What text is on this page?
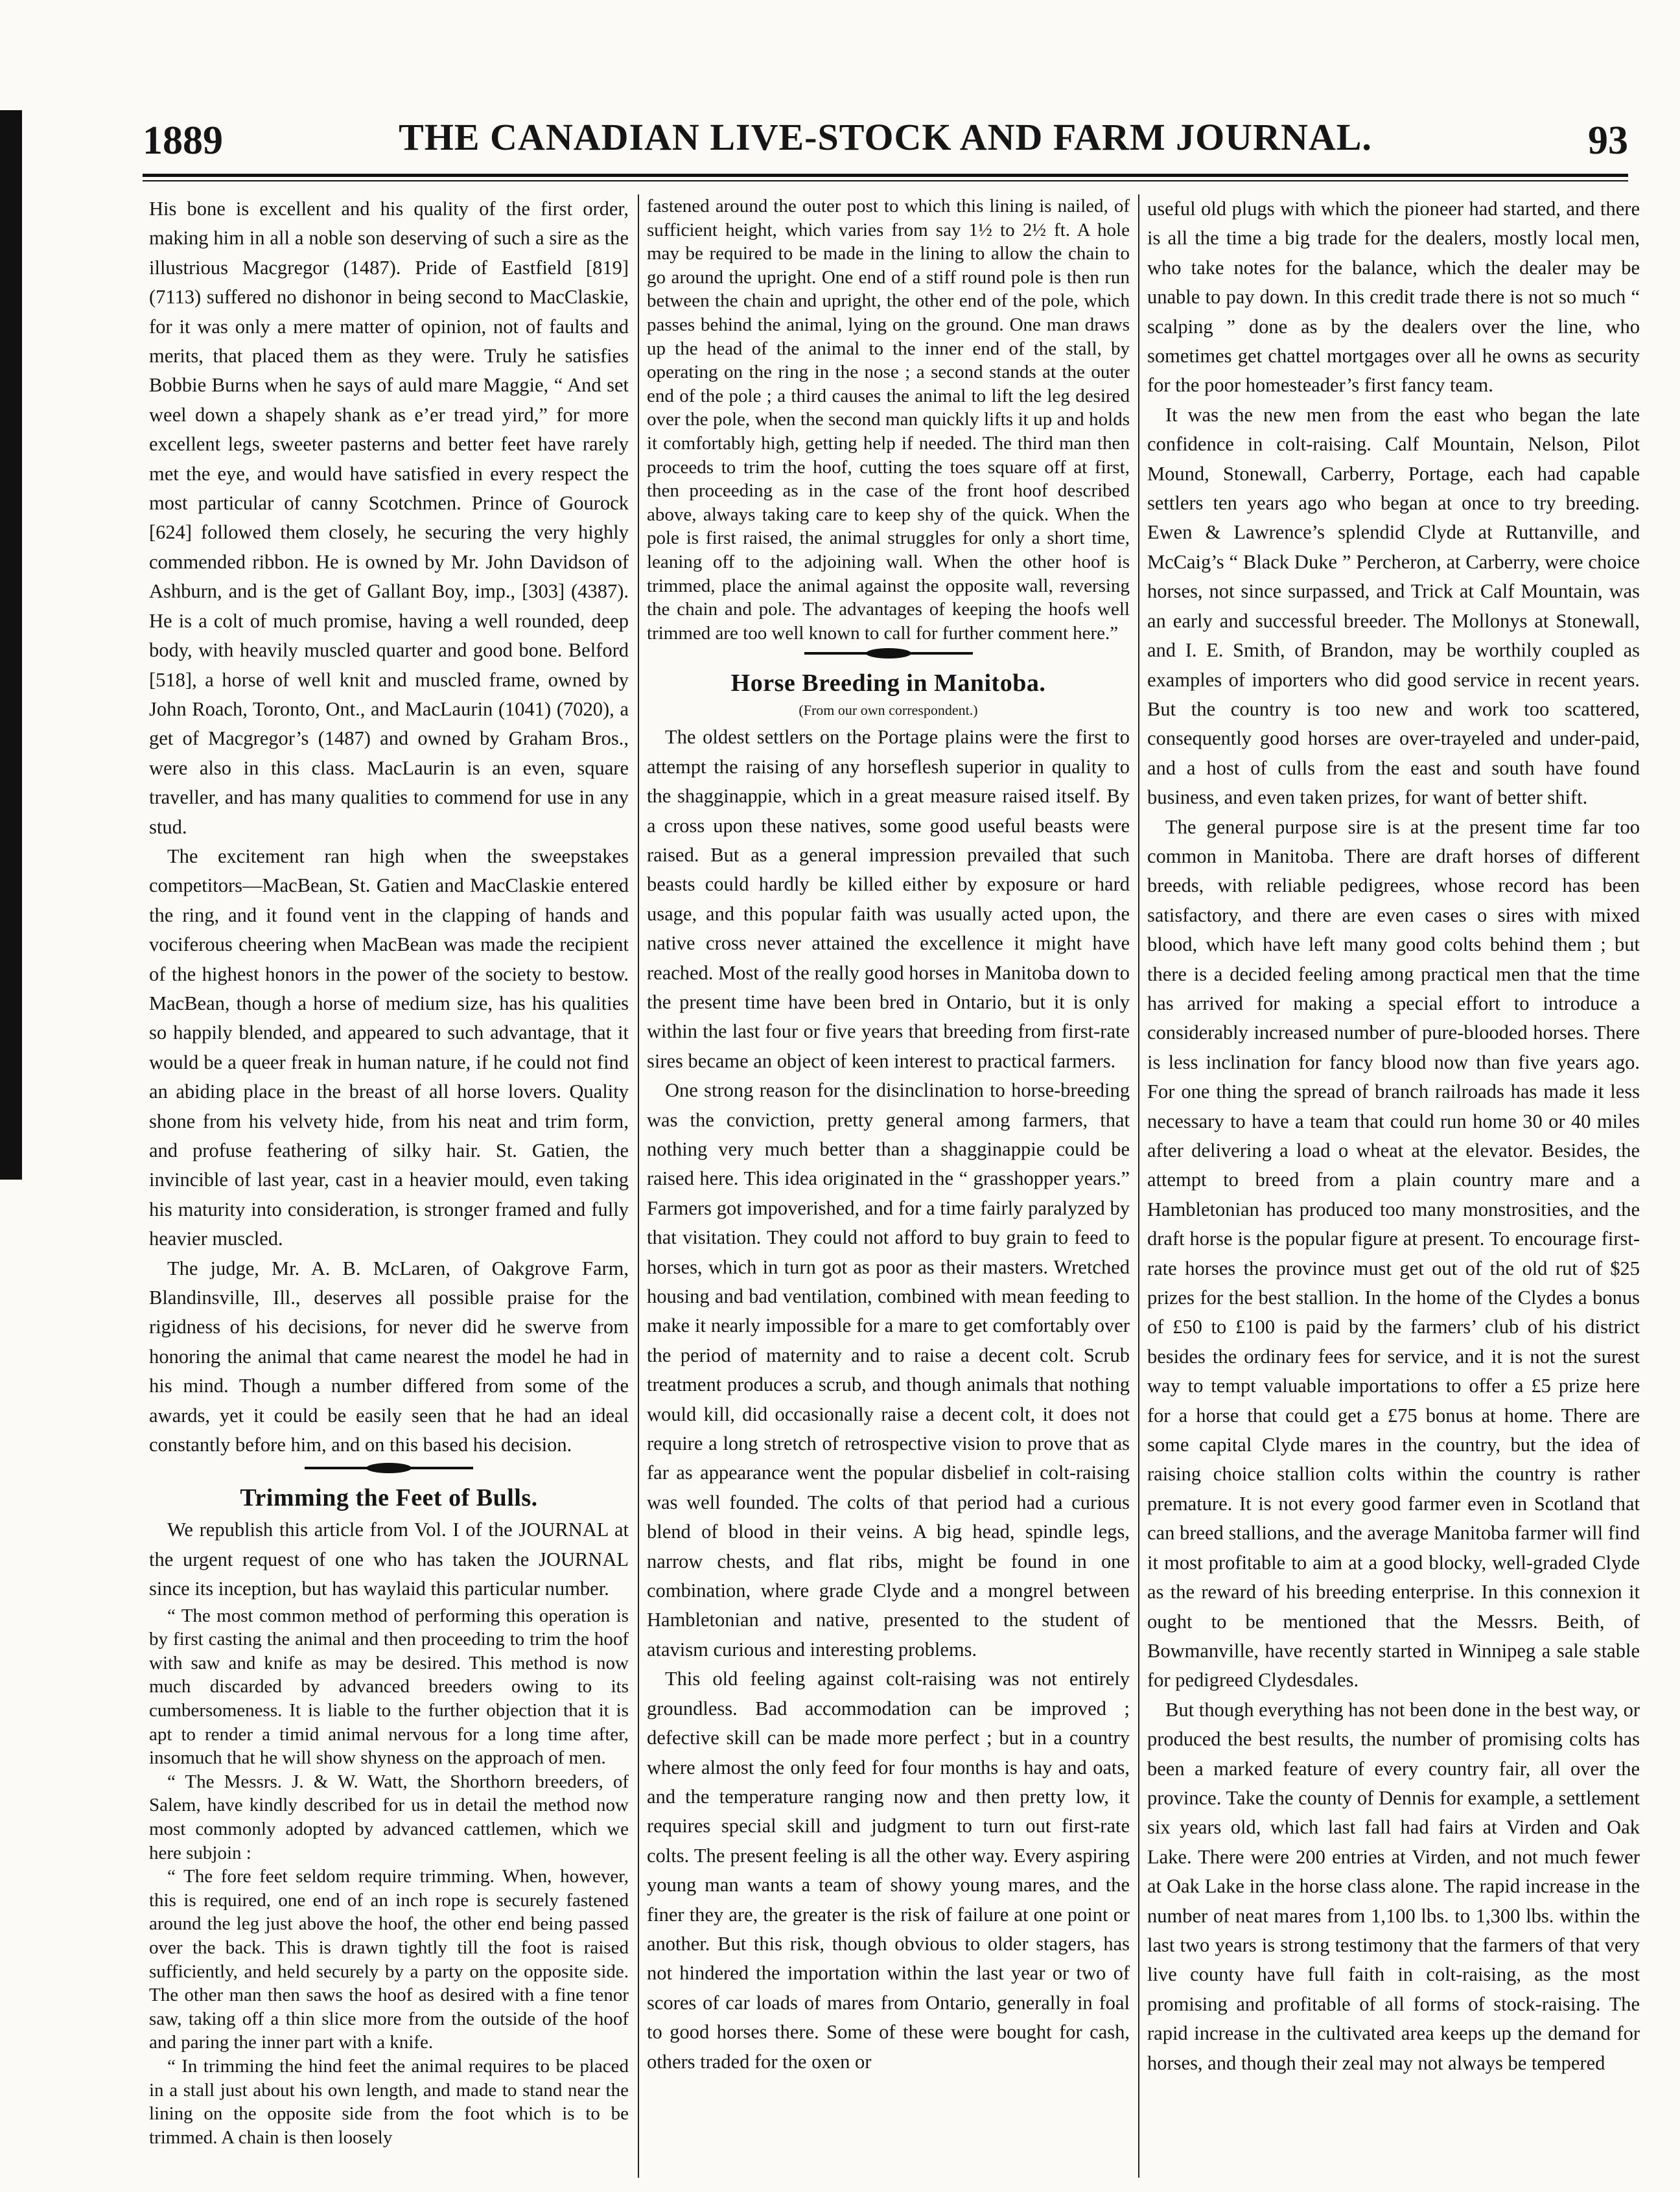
1889	THE CANADIAN LIVE-STOCK AND FARM JOURNAL.	93

His bone is excellent and his quality of the first order, making him in all a noble son deserving of such a sire as the illustrious Macgregor (1487). Pride of Eastfield [819] (7113) suffered no dishonor in being second to MacClaskie, for it was only a mere matter of opinion, not of faults and merits, that placed them as they were. Truly he satisfies Bobbie Burns when he says of auld mare Maggie, “ And set weel down a shapely shank as e’er tread yird,” for more excellent legs, sweeter pasterns and better feet have rarely met the eye, and would have satisfied in every respect the most particular of canny Scotchmen. Prince of Gourock [624] followed them closely, he securing the very highly commended ribbon. He is owned by Mr. John Davidson of Ashburn, and is the get of Gallant Boy, imp., [303] (4387). He is a colt of much promise, having a well rounded, deep body, with heavily muscled quarter and good bone. Belford [518], a horse of well knit and muscled frame, owned by John Roach, Toronto, Ont., and MacLaurin (1041) (7020), a get of Macgregor’s (1487) and owned by Graham Bros., were also in this class. MacLaurin is an even, square traveller, and has many qualities to commend for use in any stud.

The excitement ran high when the sweepstakes competitors—MacBean, St. Gatien and MacClaskie entered the ring, and it found vent in the clapping of hands and vociferous cheering when MacBean was made the recipient of the highest honors in the power of the society to bestow. MacBean, though a horse of medium size, has his qualities so happily blended, and appeared to such advantage, that it would be a queer freak in human nature, if he could not find an abiding place in the breast of all horse lovers. Quality shone from his velvety hide, from his neat and trim form, and profuse feathering of silky hair. St. Gatien, the invincible of last year, cast in a heavier mould, even taking his maturity into consideration, is stronger framed and fully heavier muscled.

The judge, Mr. A. B. McLaren, of Oakgrove Farm, Blandinsville, Ill., deserves all possible praise for the rigidness of his decisions, for never did he swerve from honoring the animal that came nearest the model he had in his mind. Though a number differed from some of the awards, yet it could be easily seen that he had an ideal constantly before him, and on this based his decision.

Trimming the Feet of Bulls.

We republish this article from Vol. I of the JOURNAL at the urgent request of one who has taken the JOURNAL since its inception, but has waylaid this particular number.

“ The most common method of performing this operation is by first casting the animal and then proceeding to trim the hoof with saw and knife as may be desired. This method is now much discarded by advanced breeders owing to its cumbersomeness. It is liable to the further objection that it is apt to render a timid animal nervous for a long time after, insomuch that he will show shyness on the approach of men.

“ The Messrs. J. & W. Watt, the Shorthorn breeders, of Salem, have kindly described for us in detail the method now most commonly adopted by advanced cattlemen, which we here subjoin :

“ The fore feet seldom require trimming. When, however, this is required, one end of an inch rope is securely fastened around the leg just above the hoof, the other end being passed over the back. This is drawn tightly till the foot is raised sufficiently, and held securely by a party on the opposite side. The other man then saws the hoof as desired with a fine tenor saw, taking off a thin slice more from the outside of the hoof and paring the inner part with a knife.

“ In trimming the hind feet the animal requires to be placed in a stall just about his own length, and made to stand near the lining on the opposite side from the foot which is to be trimmed. A chain is then loosely

fastened around the outer post to which this lining is nailed, of sufficient height, which varies from say 1½ to 2½ ft. A hole may be required to be made in the lining to allow the chain to go around the upright. One end of a stiff round pole is then run between the chain and upright, the other end of the pole, which passes behind the animal, lying on the ground. One man draws up the head of the animal to the inner end of the stall, by operating on the ring in the nose ; a second stands at the outer end of the pole ; a third causes the animal to lift the leg desired over the pole, when the second man quickly lifts it up and holds it comfortably high, getting help if needed. The third man then proceeds to trim the hoof, cutting the toes square off at first, then proceeding as in the case of the front hoof described above, always taking care to keep shy of the quick. When the pole is first raised, the animal struggles for only a short time, leaning off to the adjoining wall. When the other hoof is trimmed, place the animal against the opposite wall, reversing the chain and pole. The advantages of keeping the hoofs well trimmed are too well known to call for further comment here.”

Horse Breeding in Manitoba.
(From our own correspondent.)

The oldest settlers on the Portage plains were the first to attempt the raising of any horseflesh superior in quality to the shagginappie, which in a great measure raised itself. By a cross upon these natives, some good useful beasts were raised. But as a general impression prevailed that such beasts could hardly be killed either by exposure or hard usage, and this popular faith was usually acted upon, the native cross never attained the excellence it might have reached. Most of the really good horses in Manitoba down to the present time have been bred in Ontario, but it is only within the last four or five years that breeding from first-rate sires became an object of keen interest to practical farmers.

One strong reason for the disinclination to horse-breeding was the conviction, pretty general among farmers, that nothing very much better than a shagginappie could be raised here. This idea originated in the “ grasshopper years.” Farmers got impoverished, and for a time fairly paralyzed by that visitation. They could not afford to buy grain to feed to horses, which in turn got as poor as their masters. Wretched housing and bad ventilation, combined with mean feeding to make it nearly impossible for a mare to get comfortably over the period of maternity and to raise a decent colt. Scrub treatment produces a scrub, and though animals that nothing would kill, did occasionally raise a decent colt, it does not require a long stretch of retrospective vision to prove that as far as appearance went the popular disbelief in colt-raising was well founded. The colts of that period had a curious blend of blood in their veins. A big head, spindle legs, narrow chests, and flat ribs, might be found in one combination, where grade Clyde and a mongrel between Hambletonian and native, presented to the student of atavism curious and interesting problems.

This old feeling against colt-raising was not entirely groundless. Bad accommodation can be improved ; defective skill can be made more perfect ; but in a country where almost the only feed for four months is hay and oats, and the temperature ranging now and then pretty low, it requires special skill and judgment to turn out first-rate colts. The present feeling is all the other way. Every aspiring young man wants a team of showy young mares, and the finer they are, the greater is the risk of failure at one point or another. But this risk, though obvious to older stagers, has not hindered the importation within the last year or two of scores of car loads of mares from Ontario, generally in foal to good horses there. Some of these were bought for cash, others traded for the oxen or

useful old plugs with which the pioneer had started, and there is all the time a big trade for the dealers, mostly local men, who take notes for the balance, which the dealer may be unable to pay down. In this credit trade there is not so much “ scalping ” done as by the dealers over the line, who sometimes get chattel mortgages over all he owns as security for the poor homesteader’s first fancy team.

It was the new men from the east who began the late confidence in colt-raising. Calf Mountain, Nelson, Pilot Mound, Stonewall, Carberry, Portage, each had capable settlers ten years ago who began at once to try breeding. Ewen & Lawrence’s splendid Clyde at Ruttanville, and McCaig’s “ Black Duke ” Percheron, at Carberry, were choice horses, not since surpassed, and Trick at Calf Mountain, was an early and successful breeder. The Mollonys at Stonewall, and I. E. Smith, of Brandon, may be worthily coupled as examples of importers who did good service in recent years. But the country is too new and work too scattered, consequently good horses are over-trayeled and under-paid, and a host of culls from the east and south have found business, and even taken prizes, for want of better shift.

The general purpose sire is at the present time far too common in Manitoba. There are draft horses of different breeds, with reliable pedigrees, whose record has been satisfactory, and there are even cases o sires with mixed blood, which have left many good colts behind them ; but there is a decided feeling among practical men that the time has arrived for making a special effort to introduce a considerably increased number of pure-blooded horses. There is less inclination for fancy blood now than five years ago. For one thing the spread of branch railroads has made it less necessary to have a team that could run home 30 or 40 miles after delivering a load o wheat at the elevator. Besides, the attempt to breed from a plain country mare and a Hambletonian has produced too many monstrosities, and the draft horse is the popular figure at present. To encourage first-rate horses the province must get out of the old rut of $25 prizes for the best stallion. In the home of the Clydes a bonus of £50 to £100 is paid by the farmers’ club of his district besides the ordinary fees for service, and it is not the surest way to tempt valuable importations to offer a £5 prize here for a horse that could get a £75 bonus at home. There are some capital Clyde mares in the country, but the idea of raising choice stallion colts within the country is rather premature. It is not every good farmer even in Scotland that can breed stallions, and the average Manitoba farmer will find it most profitable to aim at a good blocky, well-graded Clyde as the reward of his breeding enterprise. In this connexion it ought to be mentioned that the Messrs. Beith, of Bowmanville, have recently started in Winnipeg a sale stable for pedigreed Clydesdales.

But though everything has not been done in the best way, or produced the best results, the number of promising colts has been a marked feature of every country fair, all over the province. Take the county of Dennis for example, a settlement six years old, which last fall had fairs at Virden and Oak Lake. There were 200 entries at Virden, and not much fewer at Oak Lake in the horse class alone. The rapid increase in the number of neat mares from 1,100 lbs. to 1,300 lbs. within the last two years is strong testimony that the farmers of that very live county have full faith in colt-raising, as the most promising and profitable of all forms of stock-raising. The rapid increase in the cultivated area keeps up the demand for horses, and though their zeal may not always be tempered
